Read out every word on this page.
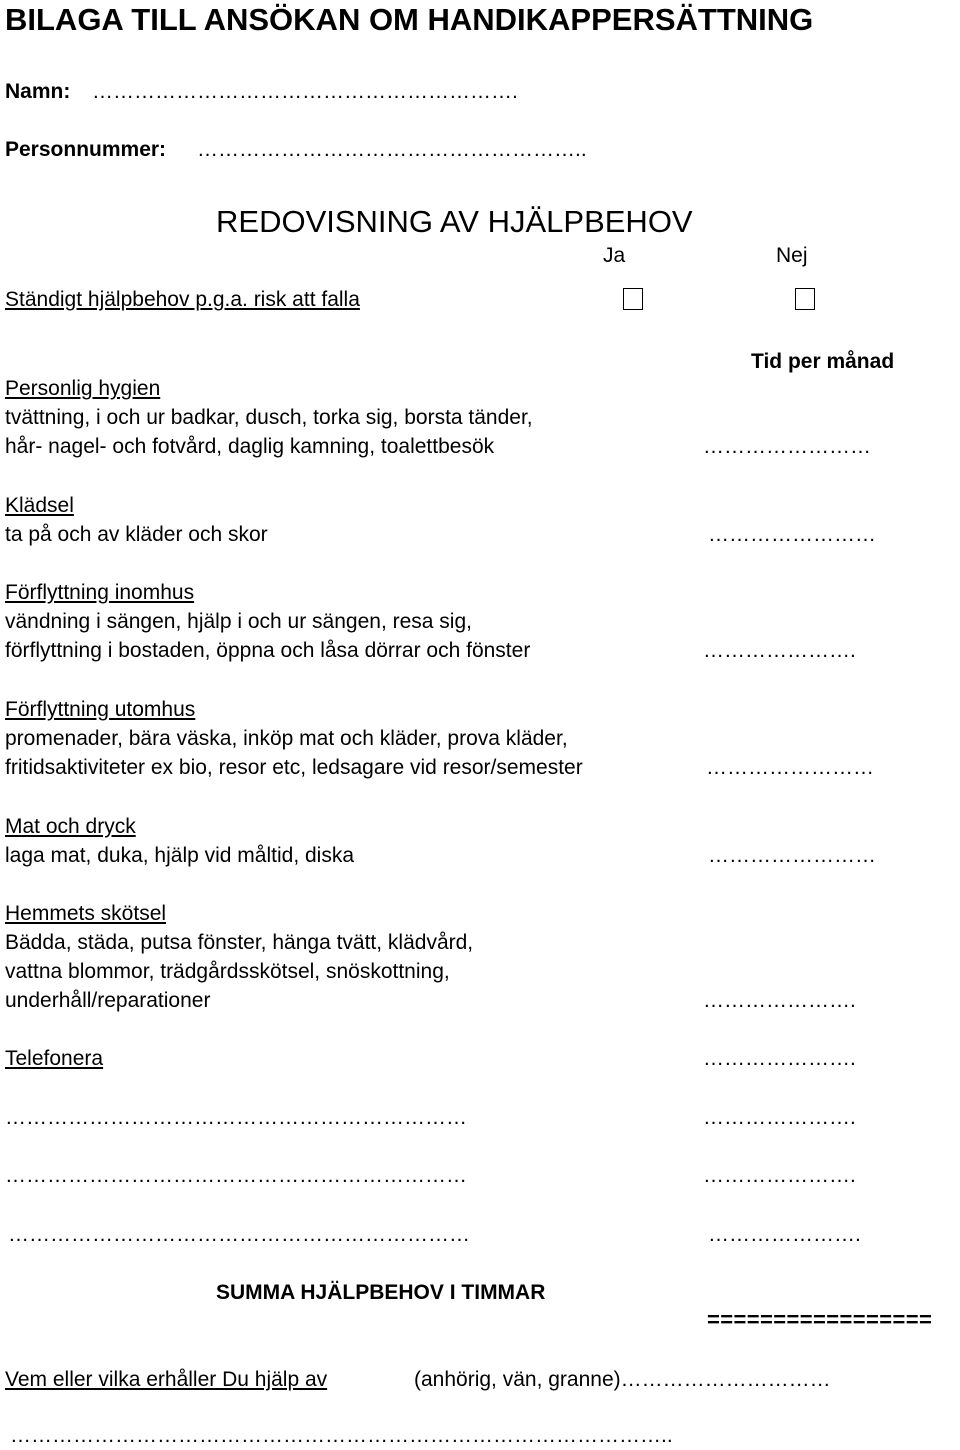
BILAGA TILL ANSÖKAN OM HANDIKAPPERSÄTTNING
Namn: …………………………………………………….
Personnummer: ………………………………………………..
REDOVISNING AV HJÄLPBEHOV
Ja	Nej
Ständigt hjälpbehov p.g.a. risk att falla
Tid per månad
Personlig hygien
tvättning, i och ur badkar, dusch, torka sig, borsta tänder,
hår- nagel- och fotvård, daglig kamning, toalettbesök	……………………
Klädsel
ta på och av kläder och skor	……………………
Förflyttning inomhus
vändning i sängen, hjälp i och ur sängen, resa sig,
förflyttning i bostaden, öppna och låsa dörrar och fönster	………………….
Förflyttning utomhus
promenader, bära väska, inköp mat och kläder, prova kläder,
fritidsaktiviteter ex bio, resor etc, ledsagare vid resor/semester	……………………
Mat och dryck
laga mat, duka, hjälp vid måltid, diska	……………………
Hemmets skötsel
Bädda, städa, putsa fönster, hänga tvätt, klädvård,
vattna blommor, trädgårdsskötsel, snöskottning,
underhåll/reparationer	………………….
Telefonera	………………….
…………………………………………………………	………………….
…………………………………………………………	………………….
…………………………………………………………	………………….
SUMMA HJÄLPBEHOV I TIMMAR
=================
Vem eller vilka erhåller Du hjälp av	(anhörig, vän, granne)…………………………
…………………………………………………………………………………..
